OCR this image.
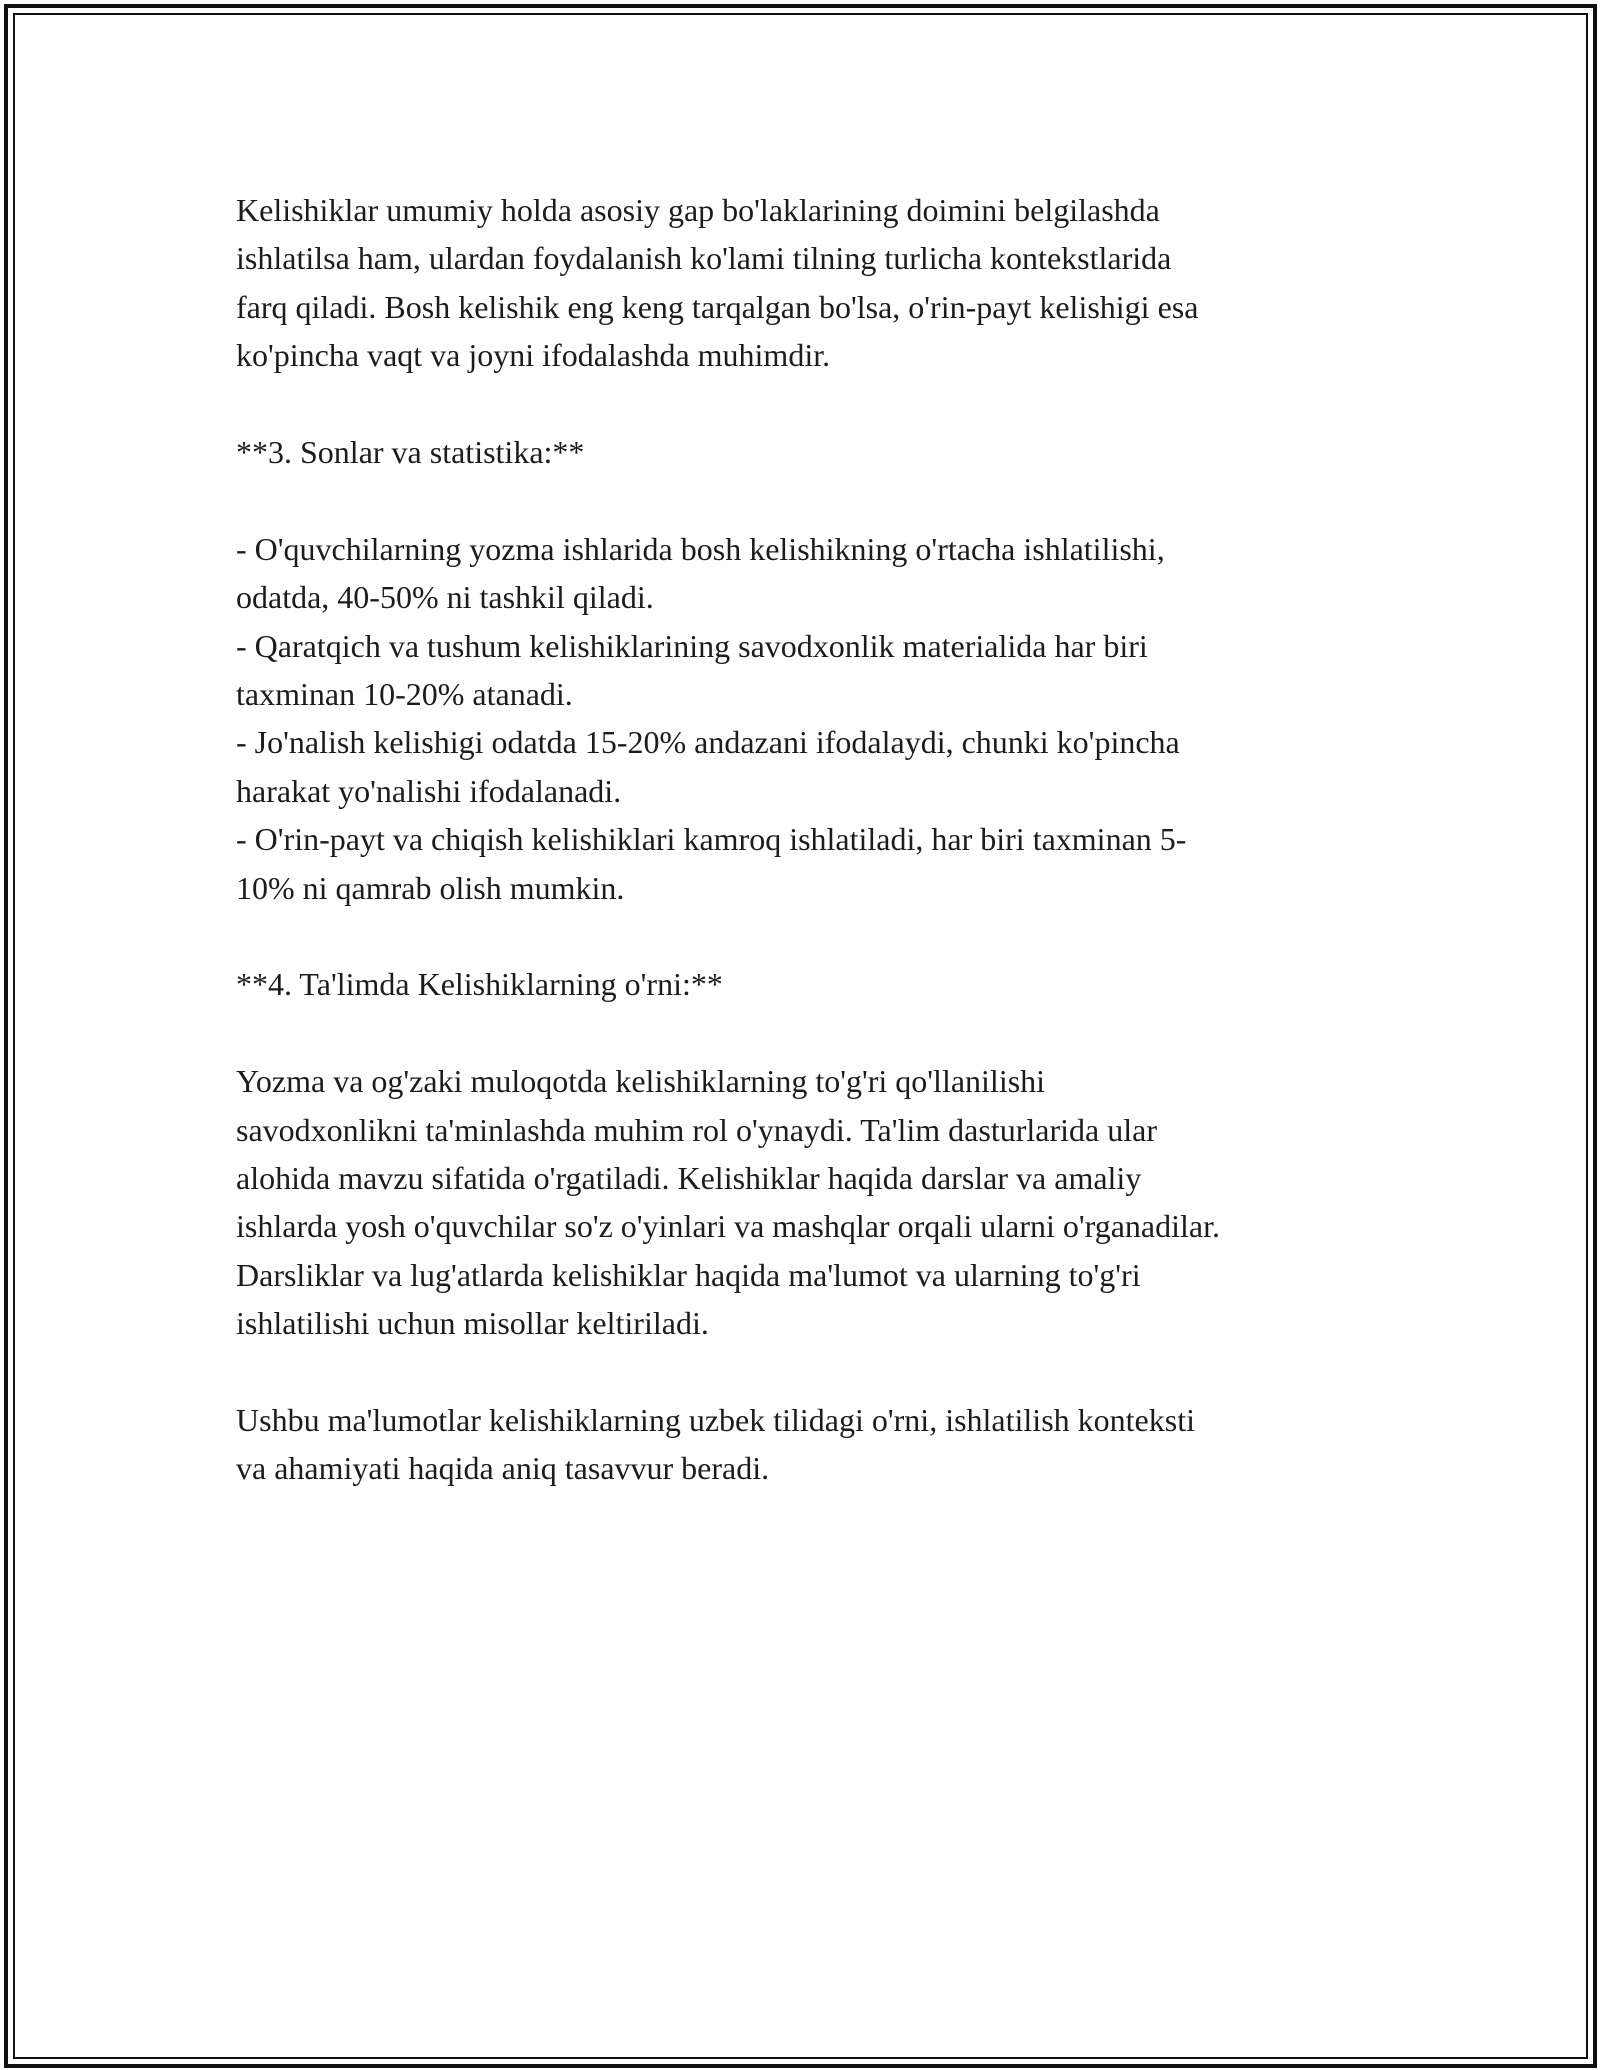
Kelishiklar umumiy holda asosiy gap bo'laklarining doimini belgilashda
ishlatilsa ham, ulardan foydalanish ko'lami tilning turlicha kontekstlarida
farq qiladi. Bosh kelishik eng keng tarqalgan bo'lsa, o'rin-payt kelishigi esa
ko'pincha vaqt va joyni ifodalashda muhimdir.

**3. Sonlar va statistika:**

- O'quvchilarning yozma ishlarida bosh kelishikning o'rtacha ishlatilishi,
odatda, 40-50% ni tashkil qiladi.

- Qaratqich va tushum kelishiklarining savodxonlik materialida har biri
taxminan 10-20% atanadi.

- Jo'nalish kelishigi odatda 15-20% andazani ifodalaydi, chunki ko'pincha
harakat yo'nalishi ifodalanadi.

- O'rin-payt va chiqish kelishiklari kamroq ishlatiladi, har biri taxminan 5-
10% ni qamrab olish mumkin.

**4. Ta'limda Kelishiklarning o'rni:**

Yozma va og'zaki muloqotda kelishiklarning to'g'ri qo'llanilishi
savodxonlikni ta'minlashda muhim rol o'ynaydi. Ta'lim dasturlarida ular
alohida mavzu sifatida o'rgatiladi. Kelishiklar haqida darslar va amaliy
ishlarda yosh o'quvchilar so'z o'yinlari va mashqlar orqali ularni o'rganadilar.
Darsliklar va lug'atlarda kelishiklar haqida ma'lumot va ularning to'g'ri
ishlatilishi uchun misollar keltiriladi.

Ushbu ma'lumotlar kelishiklarning uzbek tilidagi o'rni, ishlatilish konteksti
va ahamiyati haqida aniq tasavvur beradi.
